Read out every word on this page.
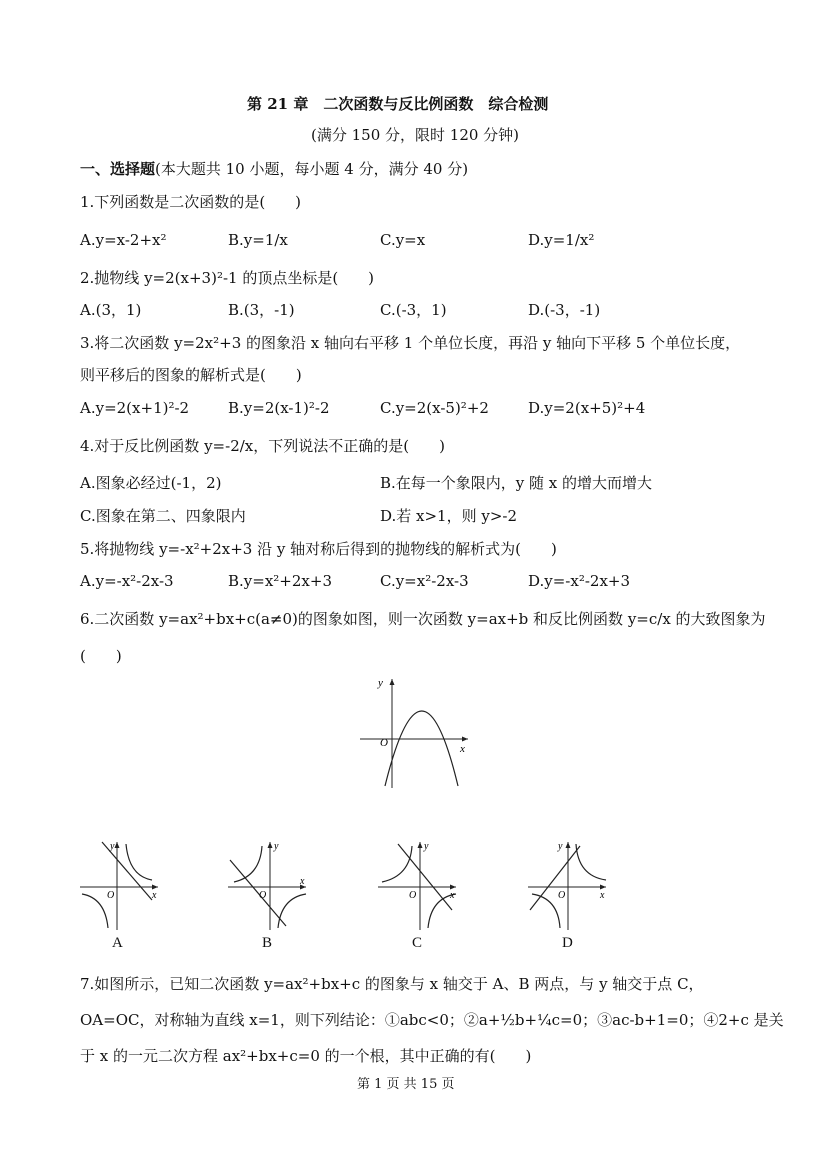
第 21 章　二次函数与反比例函数　综合检测
(满分 150 分，限时 120 分钟)
一、选择题(本大题共 10 小题，每小题 4 分，满分 40 分)
1.下列函数是二次函数的是(　　)
A.y=x-2+x²	B.y=1/x	C.y=x	D.y=1/x²
2.抛物线 y=2(x+3)²-1 的顶点坐标是(　　)
A.(3，1)	B.(3，-1)	C.(-3，1)	D.(-3，-1)
3.将二次函数 y=2x²+3 的图象沿 x 轴向右平移 1 个单位长度，再沿 y 轴向下平移 5 个单位长度，
则平移后的图象的解析式是(　　)
A.y=2(x+1)²-2	B.y=2(x-1)²-2	C.y=2(x-5)²+2	D.y=2(x+5)²+4
4.对于反比例函数 y=-2/x，下列说法不正确的是(　　)
A.图象必经过(-1，2)	B.在每一个象限内，y 随 x 的增大而增大
C.图象在第二、四象限内	D.若 x>1，则 y>-2
5.将抛物线 y=-x²+2x+3 沿 y 轴对称后得到的抛物线的解析式为(　　)
A.y=-x²-2x-3	B.y=x²+2x+3	C.y=x²-2x-3	D.y=-x²-2x+3
6.二次函数 y=ax²+bx+c(a≠0)的图象如图，则一次函数 y=ax+b 和反比例函数 y=c/x 的大致图象为
(　　)
y
x
O
y
x
O
A
y
x
O
B
y
x
O
C
y
x
O
D
7.如图所示，已知二次函数 y=ax²+bx+c 的图象与 x 轴交于 A、B 两点，与 y 轴交于点 C，
OA=OC，对称轴为直线 x=1，则下列结论：①abc<0；②a+½b+¼c=0；③ac-b+1=0；④2+c 是关
于 x 的一元二次方程 ax²+bx+c=0 的一个根，其中正确的有(　　)
第 1 页 共 15 页
